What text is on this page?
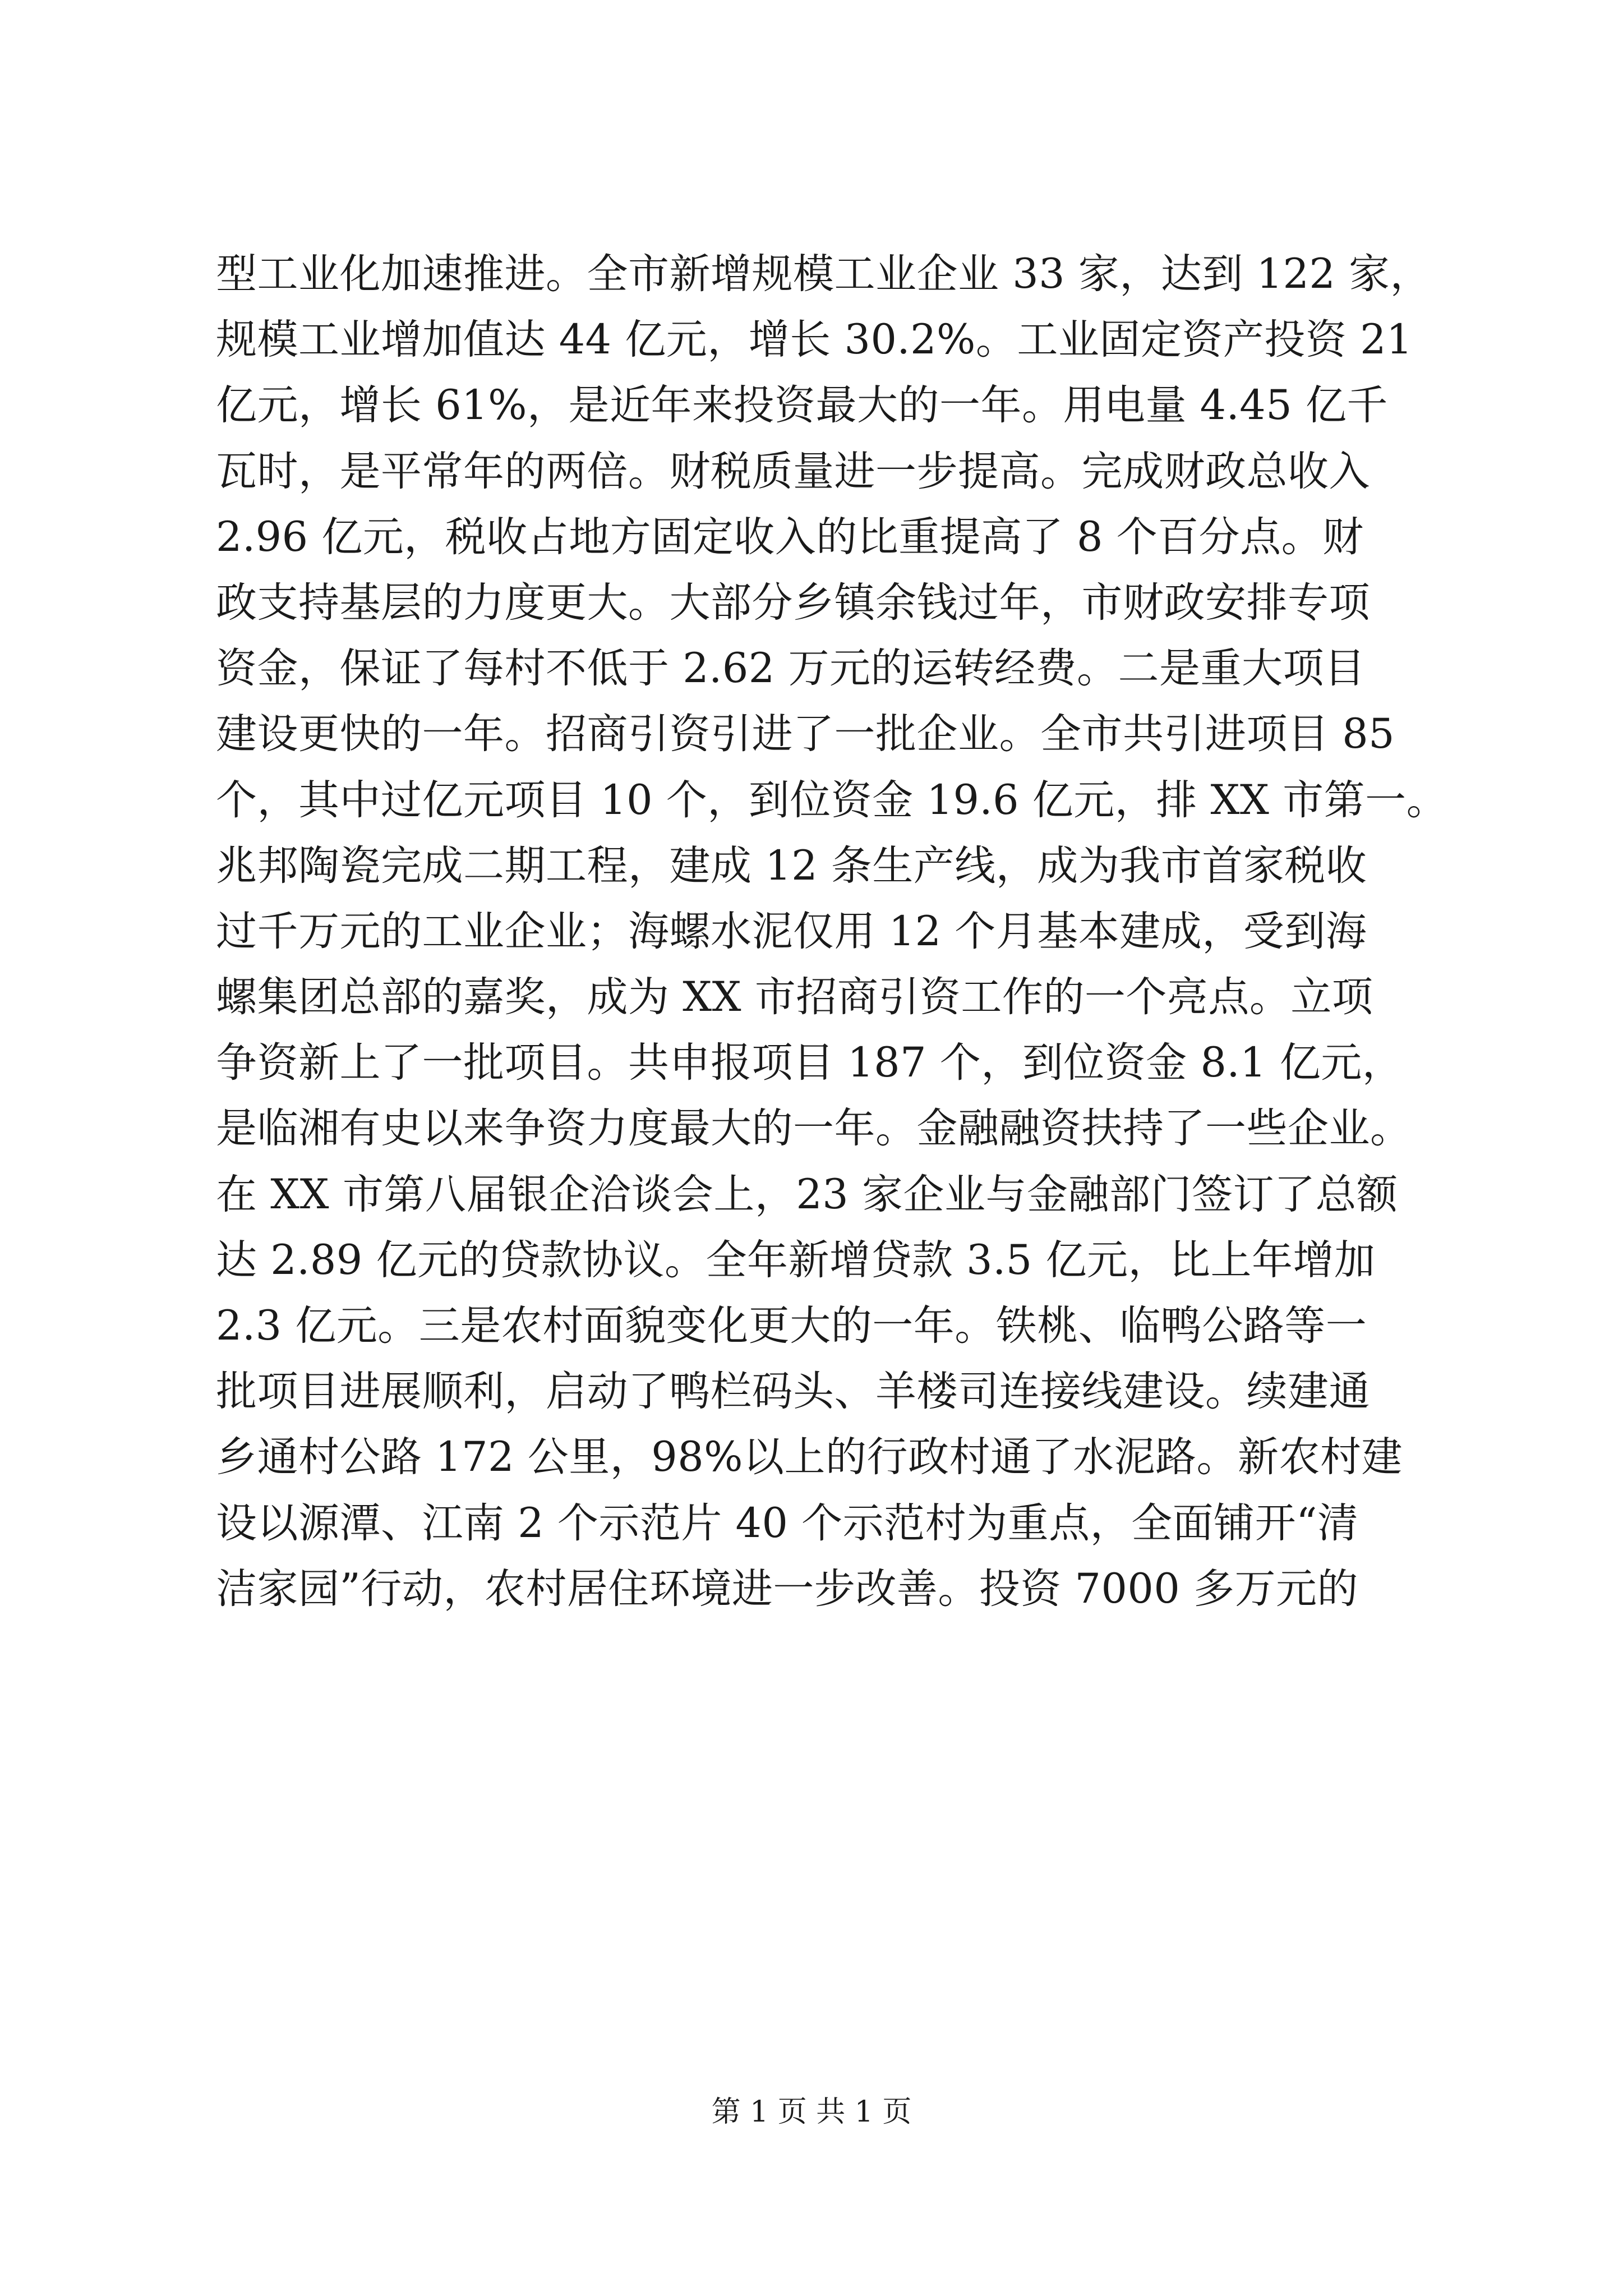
型工业化加速推进。全市新增规模工业企业 33 家，达到 122 家，
规模工业增加值达 44 亿元，增长 30.2%。工业固定资产投资 21
亿元，增长 61%，是近年来投资最大的一年。用电量 4.45 亿千
瓦时，是平常年的两倍。财税质量进一步提高。完成财政总收入
2.96 亿元，税收占地方固定收入的比重提高了 8 个百分点。财
政支持基层的力度更大。大部分乡镇余钱过年，市财政安排专项
资金，保证了每村不低于 2.62 万元的运转经费。二是重大项目
建设更快的一年。招商引资引进了一批企业。全市共引进项目 85
个，其中过亿元项目 10 个，到位资金 19.6 亿元，排 XX 市第一。
兆邦陶瓷完成二期工程，建成 12 条生产线，成为我市首家税收
过千万元的工业企业；海螺水泥仅用 12 个月基本建成，受到海
螺集团总部的嘉奖，成为 XX 市招商引资工作的一个亮点。立项
争资新上了一批项目。共申报项目 187 个，到位资金 8.1 亿元，
是临湘有史以来争资力度最大的一年。金融融资扶持了一些企业。
在 XX 市第八届银企洽谈会上，23 家企业与金融部门签订了总额
达 2.89 亿元的贷款协议。全年新增贷款 3.5 亿元，比上年增加
2.3 亿元。三是农村面貌变化更大的一年。铁桃、临鸭公路等一
批项目进展顺利，启动了鸭栏码头、羊楼司连接线建设。续建通
乡通村公路 172 公里，98%以上的行政村通了水泥路。新农村建
设以源潭、江南 2 个示范片 40 个示范村为重点，全面铺开“清
洁家园”行动，农村居住环境进一步改善。投资 7000 多万元的
第 1 页 共 1 页
